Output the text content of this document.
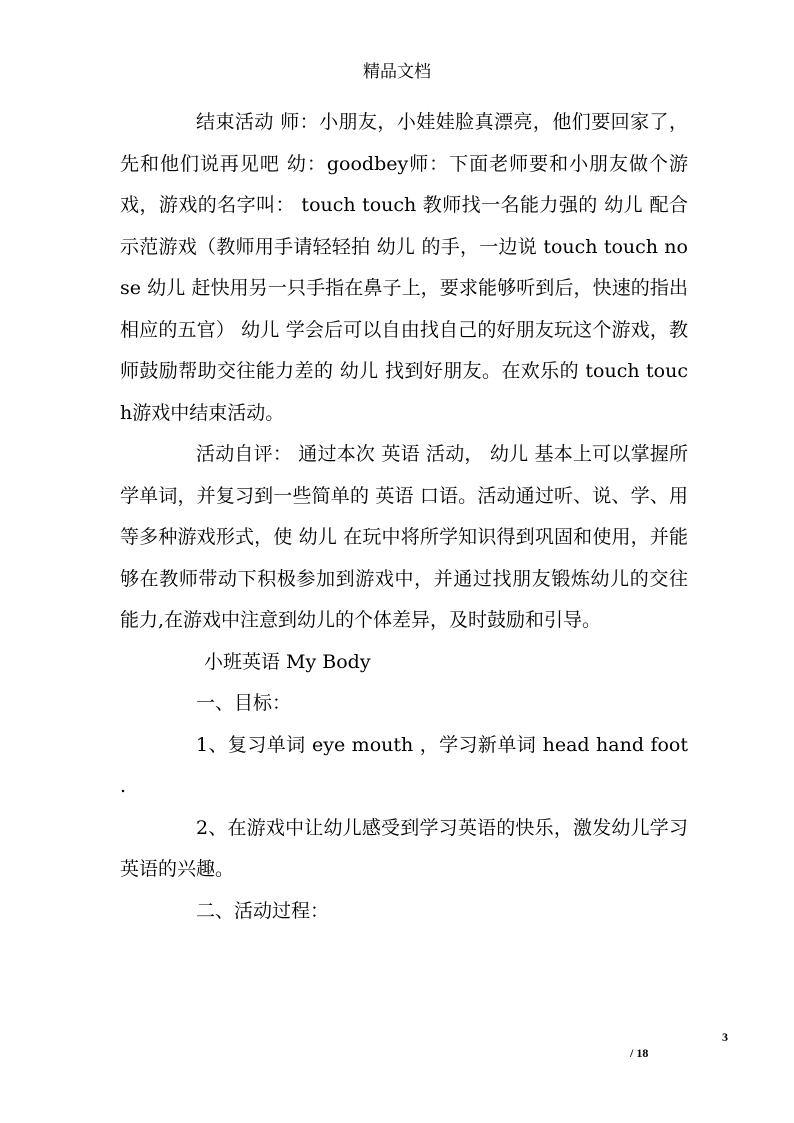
精品文档

结束活动 师：小朋友，小娃娃脸真漂亮，他们要回家了，先和他们说再见吧 幼：goodbey师：下面老师要和小朋友做个游戏，游戏的名字叫： touch touch 教师找一名能力强的 幼儿 配合示范游戏（教师用手请轻轻拍 幼儿 的手，一边说 touch touch nose 幼儿 赶快用另一只手指在鼻子上，要求能够听到后，快速的指出相应的五官） 幼儿 学会后可以自由找自己的好朋友玩这个游戏，教师鼓励帮助交往能力差的 幼儿 找到好朋友。在欢乐的 touch touch游戏中结束活动。

活动自评： 通过本次 英语 活动， 幼儿 基本上可以掌握所学单词，并复习到一些简单的 英语 口语。活动通过听、说、学、用等多种游戏形式，使 幼儿 在玩中将所学知识得到巩固和使用，并能够在教师带动下积极参加到游戏中，并通过找朋友锻炼幼儿的交往能力,在游戏中注意到幼儿的个体差异，及时鼓励和引导。

小班英语 My Body

一、目标：

1、复习单词 eye mouth ，学习新单词 head hand foot .

2、在游戏中让幼儿感受到学习英语的快乐，激发幼儿学习英语的兴趣。

二、活动过程：

3
/ 18
